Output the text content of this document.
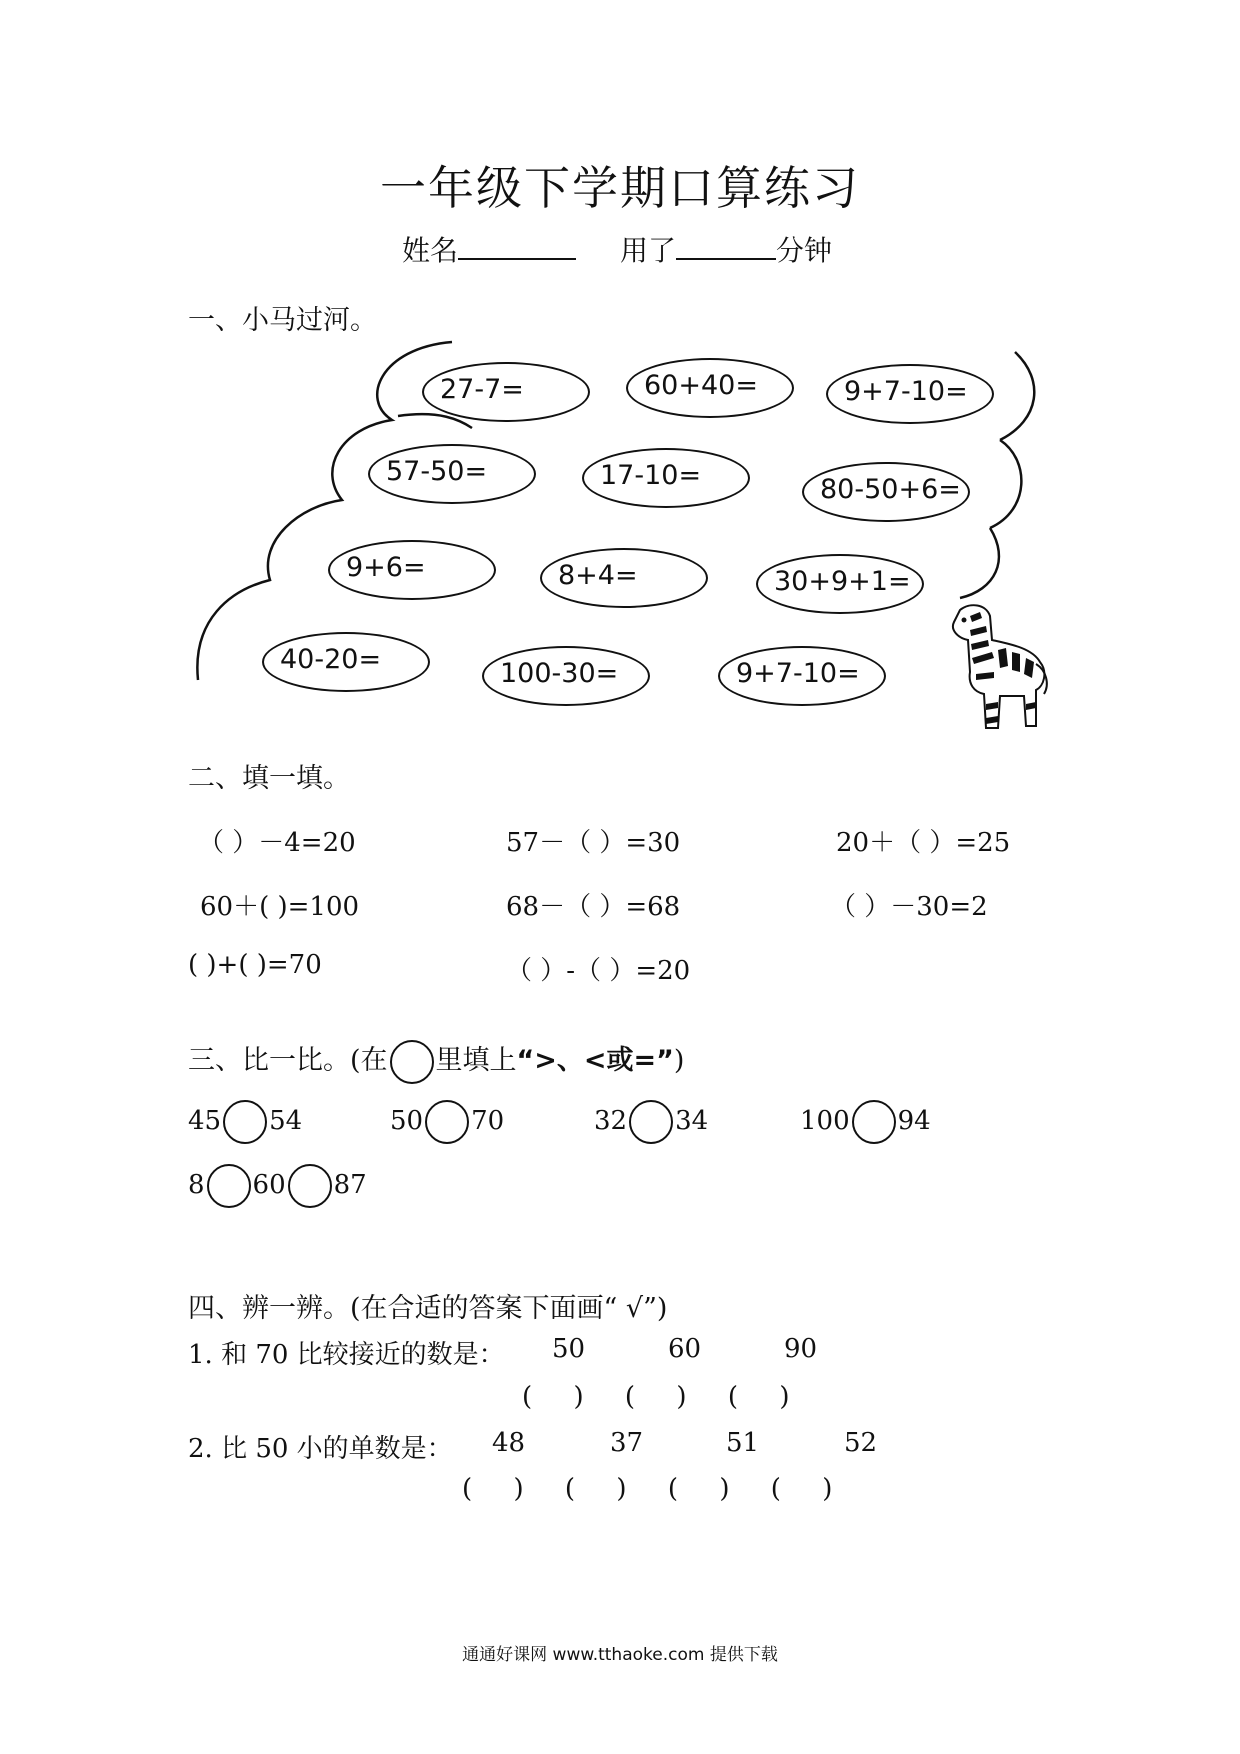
一年级下学期口算练习
姓名	用了	分钟
一、小马过河。
27-7=	60+40=	9+7-10=
57-50=	17-10=	80-50+6=
9+6=	8+4=	30+9+1=
40-20=	100-30=	9+7-10=
二、填一填。
（ ）－4=20	57－（ ）=30	20＋（ ）=25
60＋( )=100	68－（ ）=68	（ ）－30=2
( )+( )=70	（ ）-（ ）=20
三、比一比。(在 里填上“>、<或=”)
45 54	50 70	32 34	100 94
8 60 87
四、辨一辨。(在合适的答案下面画“ √”)
1. 和 70 比较接近的数是： 50	60	90
(     )     (     )     (     )
2. 比 50 小的单数是： 48	37	51	52
(     )     (     )     (     )     (     )
通通好课网 www.tthaoke.com 提供下载
